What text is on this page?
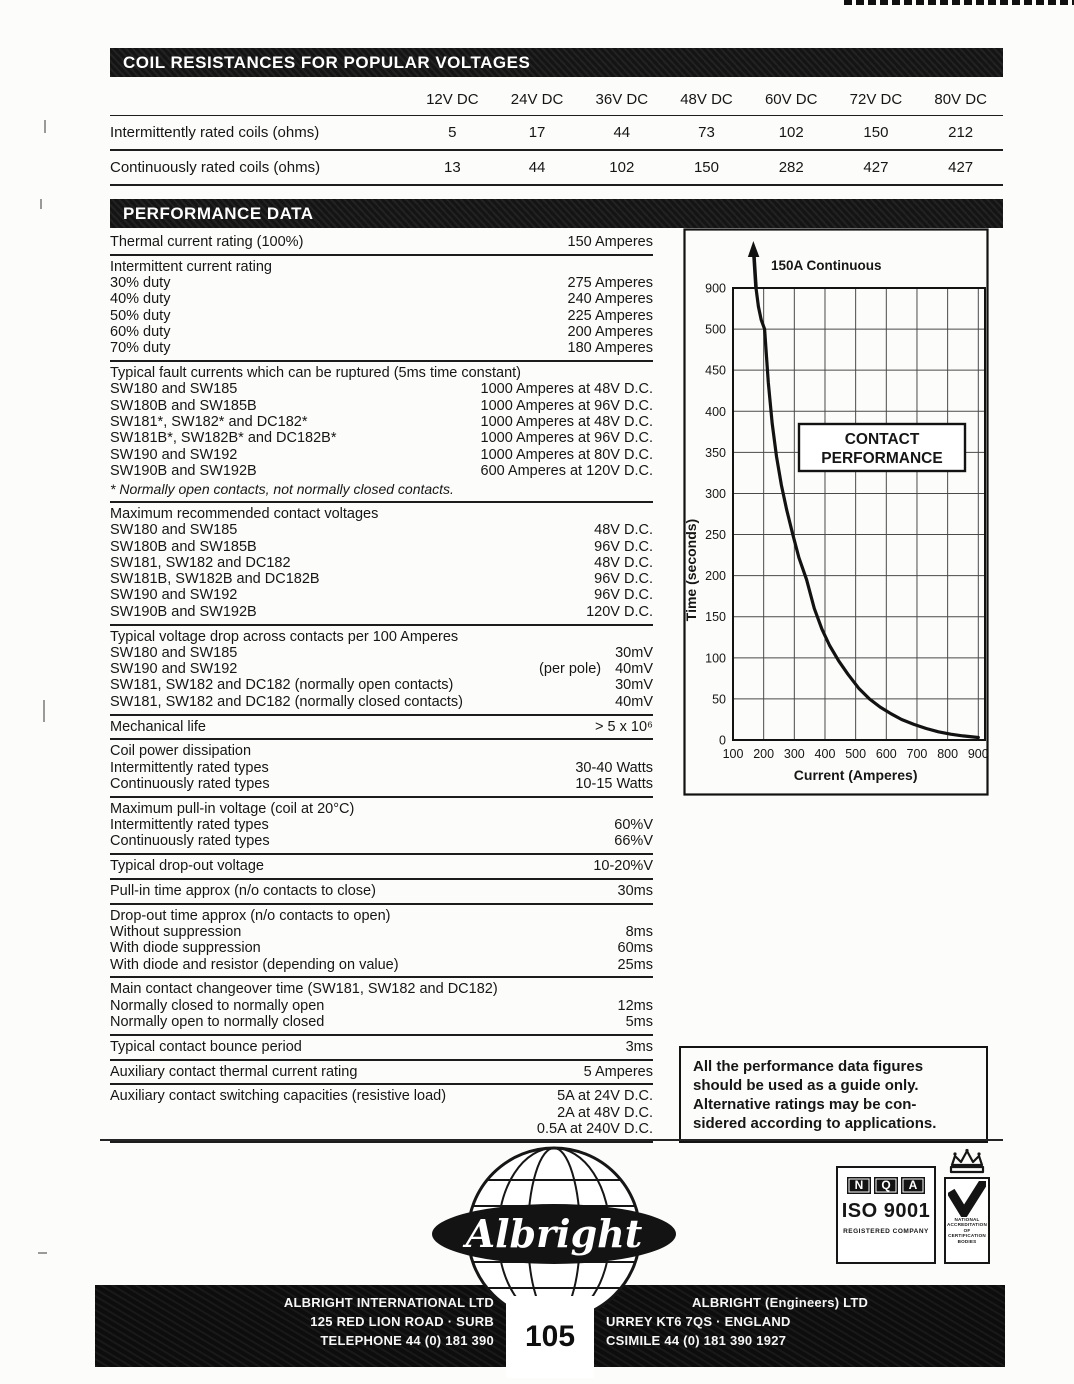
COIL RESISTANCES FOR POPULAR VOLTAGES
12V DC	24V DC	36V DC	48V DC	60V DC	72V DC	80V DC
Intermittently rated coils (ohms)	5	17	44	73	102	150	212
Continuously rated coils (ohms)	13	44	102	150	282	427	427
PERFORMANCE DATA
Thermal current rating (100%)	150 Amperes
Intermittent current rating
30% duty	275 Amperes
40% duty	240 Amperes
50% duty	225 Amperes
60% duty	200 Amperes
70% duty	180 Amperes
Typical fault currents which can be ruptured (5ms time constant)
SW180 and SW185	1000 Amperes at 48V D.C.
SW180B and SW185B	1000 Amperes at 96V D.C.
SW181*, SW182* and DC182*	1000 Amperes at 48V D.C.
SW181B*, SW182B* and DC182B*	1000 Amperes at 96V D.C.
SW190 and SW192	1000 Amperes at 80V D.C.
SW190B and SW192B	600 Amperes at 120V D.C.
* Normally open contacts, not normally closed contacts.
Maximum recommended contact voltages
SW180 and SW185	48V D.C.
SW180B and SW185B	96V D.C.
SW181, SW182 and DC182	48V D.C.
SW181B, SW182B and DC182B	96V D.C.
SW190 and SW192	96V D.C.
SW190B and SW192B	120V D.C.
Typical voltage drop across contacts per 100 Amperes
SW180 and SW185	30mV
SW190 and SW192	(per pole) 40mV
SW181, SW182 and DC182 (normally open contacts)	30mV
SW181, SW182 and DC182 (normally closed contacts)	40mV
Mechanical life	> 5 x 10⁶
Coil power dissipation
Intermittently rated types	30-40 Watts
Continuously rated types	10-15 Watts
Maximum pull-in voltage (coil at 20°C)
Intermittently rated types	60%V
Continuously rated types	66%V
Typical drop-out voltage	10-20%V
Pull-in time approx (n/o contacts to close)	30ms
Drop-out time approx (n/o contacts to open)
Without suppression	8ms
With diode suppression	60ms
With diode and resistor (depending on value)	25ms
Main contact changeover time (SW181, SW182 and DC182)
Normally closed to normally open	12ms
Normally open to normally closed	5ms
Typical contact bounce period	3ms
Auxiliary contact thermal current rating	5 Amperes
Auxiliary contact switching capacities (resistive load)	5A at 24V D.C.

2A at 48V D.C.

0.5A at 240V D.C.
0
50
100
150
200
250
300
350
400
450
500
900
100 200 300 400 500 600 700 800 900
Current (Amperes)
Time (seconds)
150A Continuous
CONTACT
PERFORMANCE
All the performance data figures
should be used as a guide only.
Alternative ratings may be con-
sidered according to applications.
Albright
N	Q	A
ISO 9001
REGISTERED COMPANY
NATIONAL
ACCREDITATION
OF CERTIFICATION
BODIES
ALBRIGHT INTERNATIONAL LTD
125 RED LION ROAD · SURB
TELEPHONE 44 (0) 181 390
ALBRIGHT (Engineers) LTD
URREY KT6 7QS · ENGLAND
CSIMILE 44 (0) 181 390 1927
105
